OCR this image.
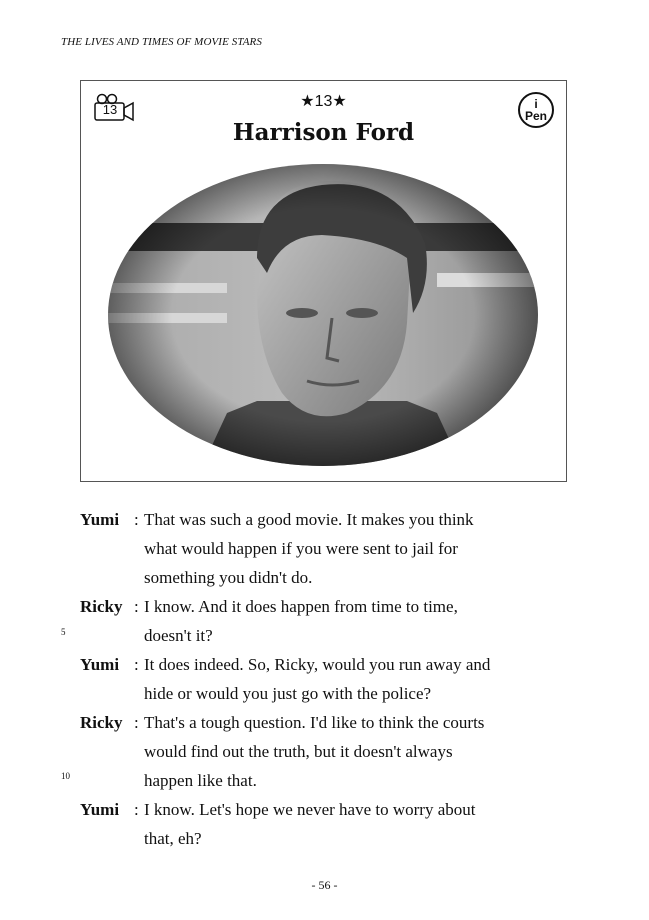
THE LIVES AND TIMES OF MOVIE STARS
13	★13★	i
Pen
Harrison Ford
Yumi : That was such a good movie. It makes you think
what would happen if you were sent to jail for
something you didn't do.
Ricky : I know. And it does happen from time to time,
doesn't it?
Yumi : It does indeed. So, Ricky, would you run away and
hide or would you just go with the police?
Ricky : That's a tough question. I'd like to think the courts
would find out the truth, but it doesn't always
happen like that.
Yumi : I know. Let's hope we never have to worry about
that, eh?
5
10
- 56 -
